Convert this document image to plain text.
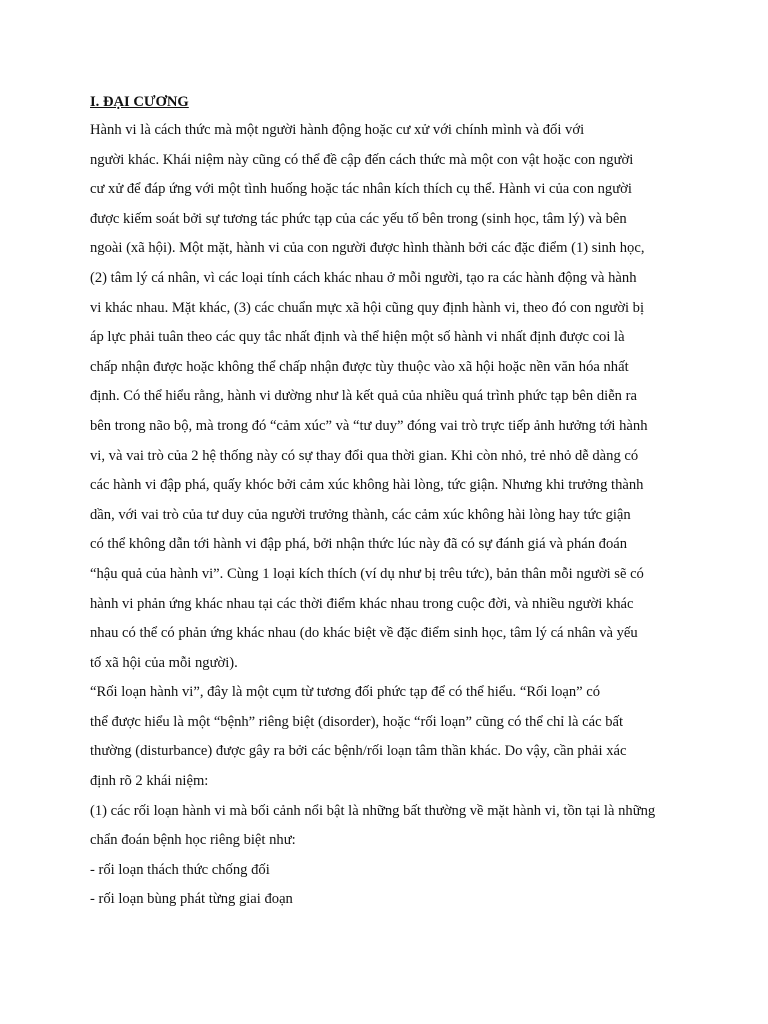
I. ĐẠI CƯƠNG
Hành vi là cách thức mà một người hành động hoặc cư xử với chính mình và đối với
người khác. Khái niệm này cũng có thể đề cập đến cách thức mà một con vật hoặc con người
cư xử để đáp ứng với một tình huống hoặc tác nhân kích thích cụ thể. Hành vi của con người
được kiếm soát bởi sự tương tác phức tạp của các yếu tố bên trong (sinh học, tâm lý) và bên
ngoài (xã hội). Một mặt, hành vi của con người được hình thành bởi các đặc điểm (1) sinh học,
(2) tâm lý cá nhân, vì các loại tính cách khác nhau ở mỗi người, tạo ra các hành động và hành
vi khác nhau. Mặt khác, (3) các chuẩn mực xã hội cũng quy định hành vi, theo đó con người bị
áp lực phải tuân theo các quy tắc nhất định và thể hiện một số hành vi nhất định được coi là
chấp nhận được hoặc không thể chấp nhận được tùy thuộc vào xã hội hoặc nền văn hóa nhất
định. Có thể hiểu rằng, hành vi dường như là kết quả của nhiều quá trình phức tạp bên diễn ra
bên trong não bộ, mà trong đó “cảm xúc” và “tư duy” đóng vai trò trực tiếp ảnh hưởng tới hành
vi, và vai trò của 2 hệ thống này có sự thay đổi qua thời gian. Khi còn nhỏ, trẻ nhỏ dễ dàng có
các hành vi đập phá, quấy khóc bởi cảm xúc không hài lòng, tức giận. Nhưng khi trưởng thành
dần, với vai trò của tư duy của người trưởng thành, các cảm xúc không hài lòng hay tức giận
có thể không dẫn tới hành vi đập phá, bởi nhận thức lúc này đã có sự đánh giá và phán đoán
“hậu quả của hành vi”. Cùng 1 loại kích thích (ví dụ như bị trêu tức), bản thân mỗi người sẽ có
hành vi phản ứng khác nhau tại các thời điểm khác nhau trong cuộc đời, và nhiều người khác
nhau có thể có phản ứng khác nhau (do khác biệt về đặc điểm sinh học, tâm lý cá nhân và yếu
tố xã hội của mỗi người).
“Rối loạn hành vi”, đây là một cụm từ tương đối phức tạp để có thể hiểu. “Rối loạn” có
thể được hiểu là một “bệnh” riêng biệt (disorder), hoặc “rối loạn” cũng có thể chỉ là các bất
thường (disturbance) được gây ra bởi các bệnh/rối loạn tâm thần khác. Do vậy, cần phải xác
định rõ 2 khái niệm:
(1) các rối loạn hành vi mà bối cảnh nổi bật là những bất thường về mặt hành vi, tồn tại là những
chẩn đoán bệnh học riêng biệt như:
- rối loạn thách thức chống đối
- rối loạn bùng phát từng giai đoạn
